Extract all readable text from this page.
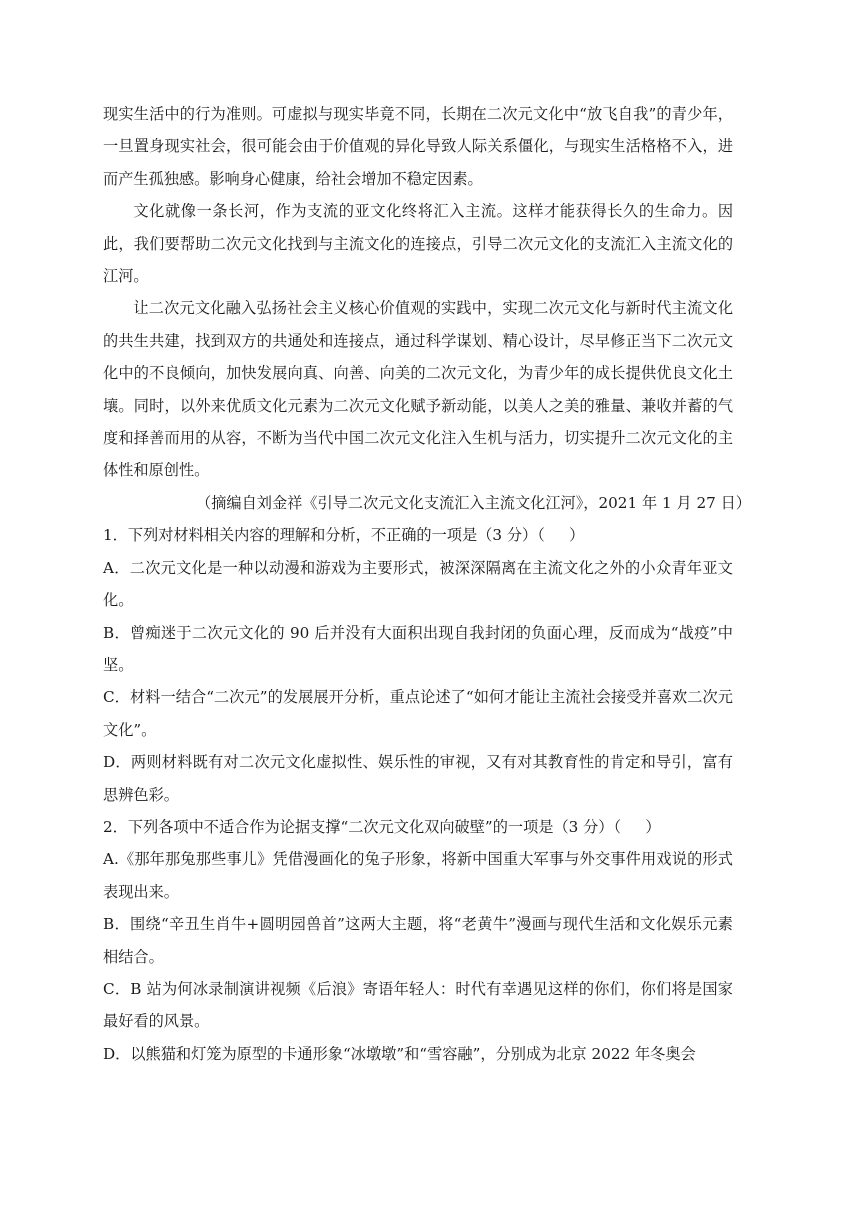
现实生活中的行为准则。可虚拟与现实毕竟不同，长期在二次元文化中“放飞自我”的青少年，一旦置身现实社会，很可能会由于价值观的异化导致人际关系僵化，与现实生活格格不入，进而产生孤独感。影响身心健康，给社会增加不稳定因素。

文化就像一条长河，作为支流的亚文化终将汇入主流。这样才能获得长久的生命力。因此，我们要帮助二次元文化找到与主流文化的连接点，引导二次元文化的支流汇入主流文化的江河。

让二次元文化融入弘扬社会主义核心价值观的实践中，实现二次元文化与新时代主流文化的共生共建，找到双方的共通处和连接点，通过科学谋划、精心设计，尽早修正当下二次元文化中的不良倾向，加快发展向真、向善、向美的二次元文化，为青少年的成长提供优良文化土壤。同时，以外来优质文化元素为二次元文化赋予新动能，以美人之美的雅量、兼收并蓄的气度和择善而用的从容，不断为当代中国二次元文化注入生机与活力，切实提升二次元文化的主体性和原创性。

（摘编自刘金祥《引导二次元文化支流汇入主流文化江河》，2021 年 1 月 27 日）

1．下列对材料相关内容的理解和分析，不正确的一项是（3 分）（ ）

A．二次元文化是一种以动漫和游戏为主要形式，被深深隔离在主流文化之外的小众青年亚文化。

B．曾痴迷于二次元文化的 90 后并没有大面积出现自我封闭的负面心理，反而成为“战疫”中坚。

C．材料一结合“二次元”的发展展开分析，重点论述了“如何才能让主流社会接受并喜欢二次元文化”。

D．两则材料既有对二次元文化虚拟性、娱乐性的审视，又有对其教育性的肯定和导引，富有思辨色彩。

2．下列各项中不适合作为论据支撑“二次元文化双向破壁”的一项是（3 分）（ ）

A.《那年那兔那些事儿》凭借漫画化的兔子形象，将新中国重大军事与外交事件用戏说的形式表现出来。

B．围绕“辛丑生肖牛+圆明园兽首”这两大主题，将“老黄牛”漫画与现代生活和文化娱乐元素相结合。

C．B 站为何冰录制演讲视频《后浪》寄语年轻人：时代有幸遇见这样的你们，你们将是国家最好看的风景。

D．以熊猫和灯笼为原型的卡通形象“冰墩墩”和“雪容融”，分别成为北京 2022 年冬奥会
